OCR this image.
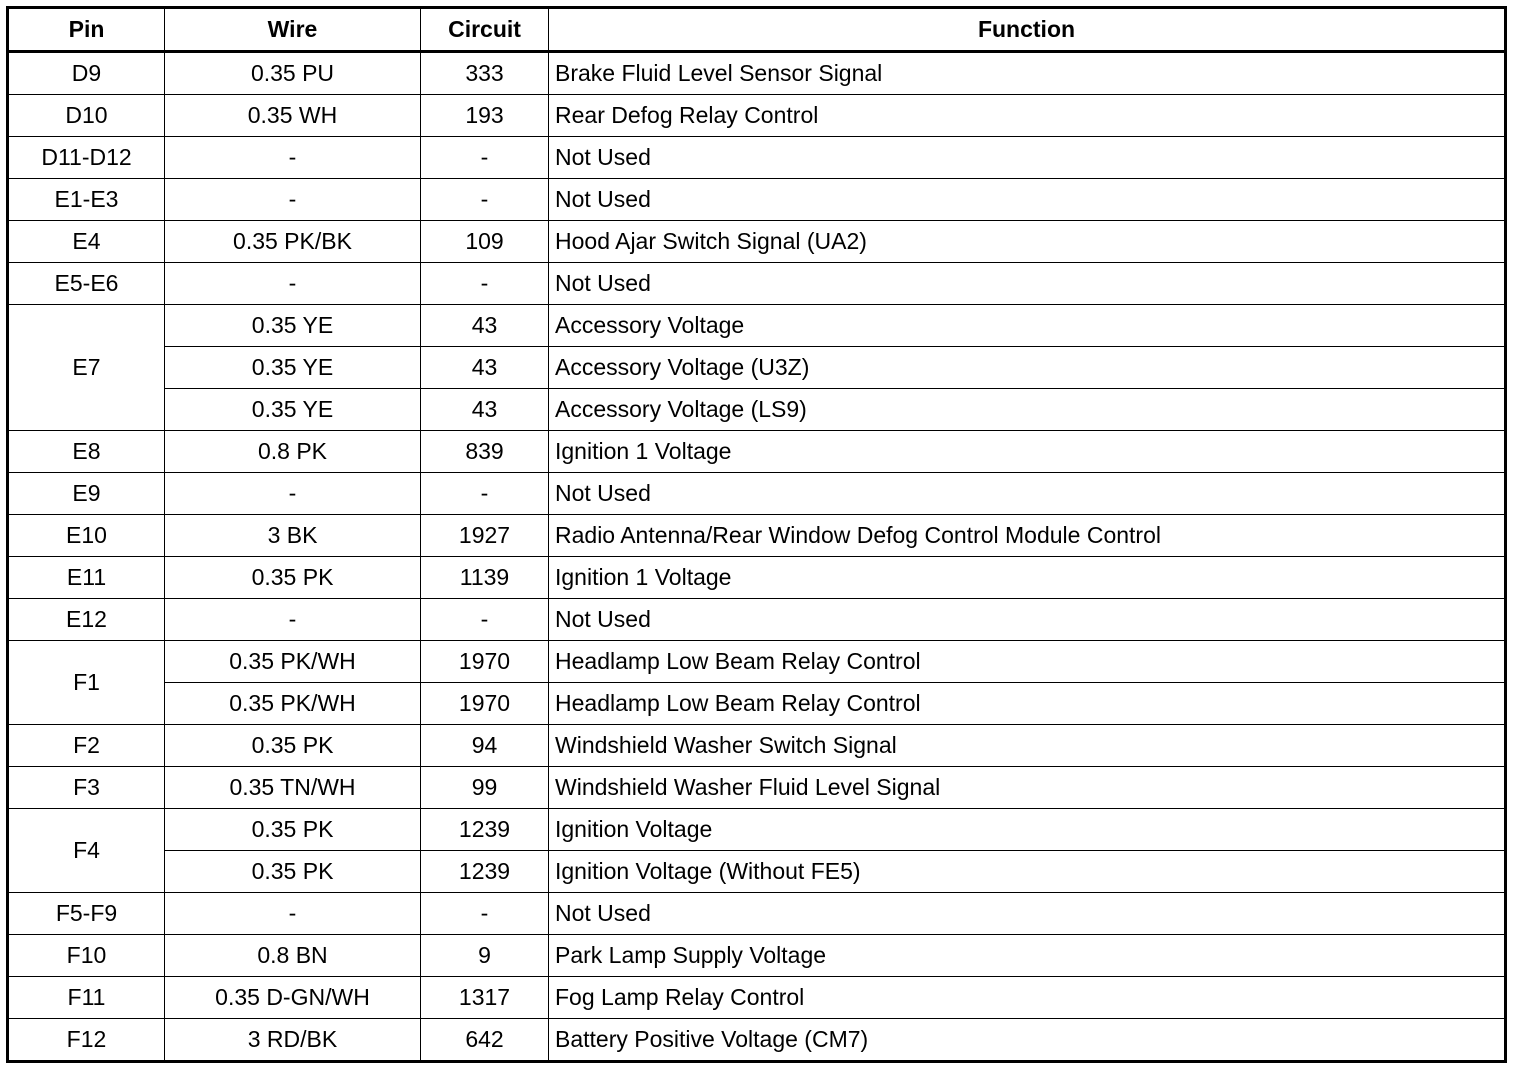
Pin	Wire	Circuit	Function
D9	0.35 PU	333	Brake Fluid Level Sensor Signal
D10	0.35 WH	193	Rear Defog Relay Control
D11-D12	-	-	Not Used
E1-E3	-	-	Not Used
E4	0.35 PK/BK	109	Hood Ajar Switch Signal (UA2)
E5-E6	-	-	Not Used
E7	0.35 YE	43	Accessory Voltage
	0.35 YE	43	Accessory Voltage (U3Z)
	0.35 YE	43	Accessory Voltage (LS9)
E8	0.8 PK	839	Ignition 1 Voltage
E9	-	-	Not Used
E10	3 BK	1927	Radio Antenna/Rear Window Defog Control Module Control
E11	0.35 PK	1139	Ignition 1 Voltage
E12	-	-	Not Used
F1	0.35 PK/WH	1970	Headlamp Low Beam Relay Control
	0.35 PK/WH	1970	Headlamp Low Beam Relay Control
F2	0.35 PK	94	Windshield Washer Switch Signal
F3	0.35 TN/WH	99	Windshield Washer Fluid Level Signal
F4	0.35 PK	1239	Ignition Voltage
	0.35 PK	1239	Ignition Voltage (Without FE5)
F5-F9	-	-	Not Used
F10	0.8 BN	9	Park Lamp Supply Voltage
F11	0.35 D-GN/WH	1317	Fog Lamp Relay Control
F12	3 RD/BK	642	Battery Positive Voltage (CM7)
